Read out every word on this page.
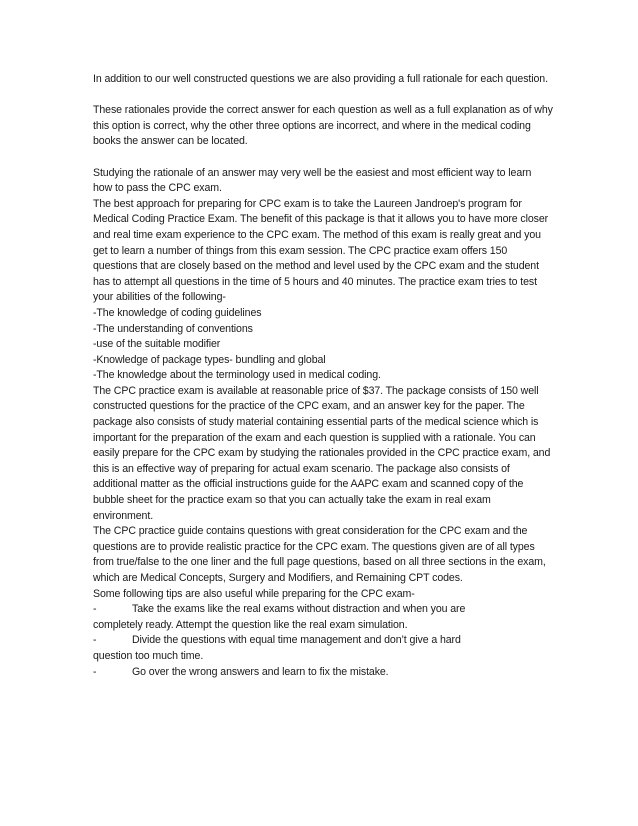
In addition to our well constructed questions we are also providing a full rationale for each question.

These rationales provide the correct answer for each question as well as a full explanation as of why this option is correct, why the other three options are incorrect, and where in the medical coding books the answer can be located.

Studying the rationale of an answer may very well be the easiest and most efficient way to learn how to pass the CPC exam.

The best approach for preparing for CPC exam is to take the Laureen Jandroep's program for Medical Coding Practice Exam. The benefit of this package is that it allows you to have more closer and real time exam experience to the CPC exam. The method of this exam is really great and you get to learn a number of things from this exam session. The CPC practice exam offers 150 questions that are closely based on the method and level used by the CPC exam and the student has to attempt all questions in the time of 5 hours and 40 minutes. The practice exam tries to test your abilities of the following-

-The knowledge of coding guidelines

-The understanding of conventions

-use of the suitable modifier

-Knowledge of package types- bundling and global

-The knowledge about the terminology used in medical coding.

The CPC practice exam is available at reasonable price of $37. The package consists of 150 well constructed questions for the practice of the CPC exam, and an answer key for the paper. The package also consists of study material containing essential parts of the medical science which is important for the preparation of the exam and each question is supplied with a rationale. You can easily prepare for the CPC exam by studying the rationales provided in the CPC practice exam, and this is an effective way of preparing for actual exam scenario. The package also consists of additional matter as the official instructions guide for the AAPC exam and scanned copy of the bubble sheet for the practice exam so that you can actually take the exam in real exam environment.

The CPC practice guide contains questions with great consideration for the CPC exam and the questions are to provide realistic practice for the CPC exam. The questions given are of all types from true/false to the one liner and the full page questions, based on all three sections in the exam, which are Medical Concepts, Surgery and Modifiers, and Remaining CPT codes.

Some following tips are also useful while preparing for the CPC exam-

-	Take the exams like the real exams without distraction and when you are
completely ready. Attempt the question like the real exam simulation.
-	Divide the questions with equal time management and don’t give a hard
question too much time.
-	Go over the wrong answers and learn to fix the mistake.
